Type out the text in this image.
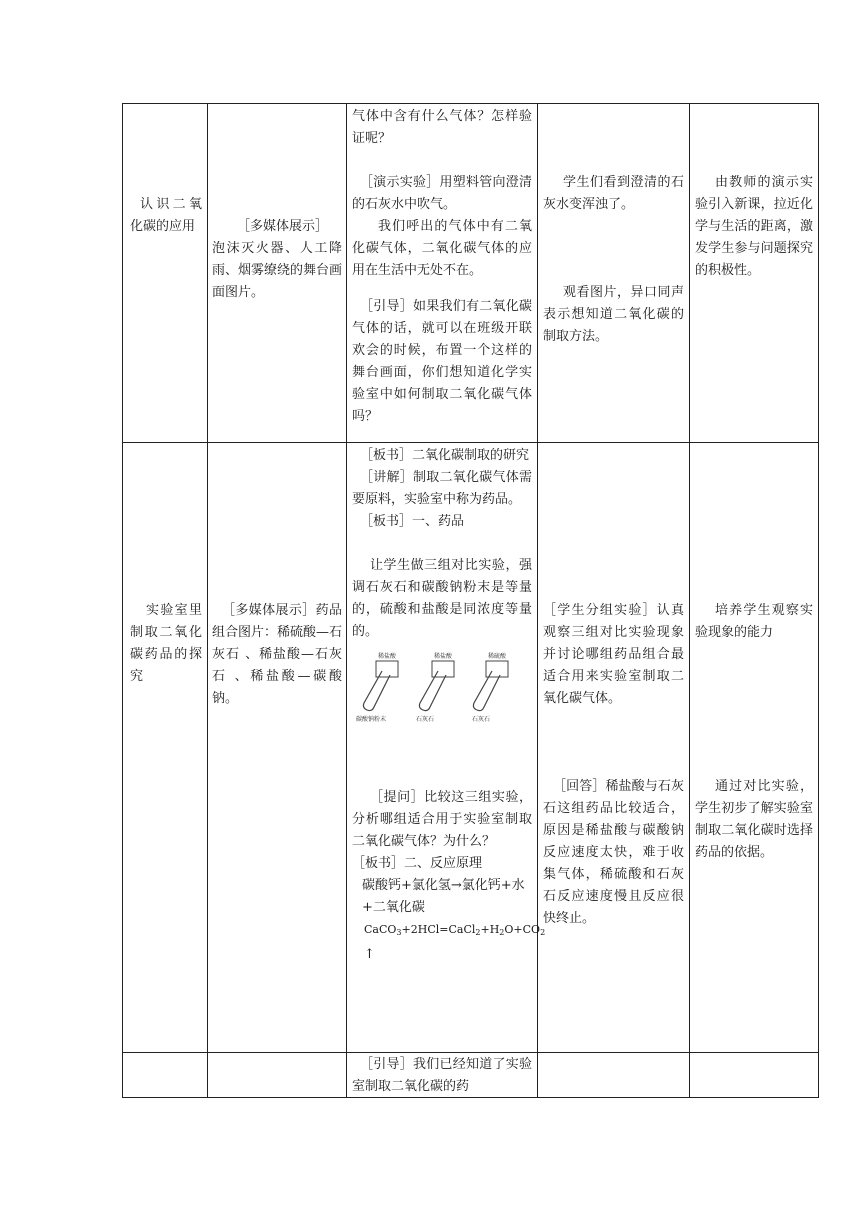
认识二氧化碳的应用	［多媒体展示］

泡沫灭火器、人工降雨、烟雾缭绕的舞台画面图片。

气体中含有什么气体？怎样验证呢？

［演示实验］用塑料管向澄清的石灰水中吹气。

我们呼出的气体中有二氧化碳气体，二氧化碳气体的应用在生活中无处不在。

［引导］如果我们有二氧化碳气体的话，就可以在班级开联欢会的时候，布置一个这样的舞台画面，你们想知道化学实验室中如何制取二氧化碳气体吗？

学生们看到澄清的石灰水变浑浊了。

观看图片，异口同声表示想知道二氧化碳的制取方法。

由教师的演示实验引入新课，拉近化学与生活的距离，激发学生参与问题探究的积极性。

实验室里制取二氧化碳药品的探究

［多媒体展示］药品组合图片：稀硫酸—石灰石 、稀盐酸—石灰石 、稀盐酸—碳酸钠。

［板书］二氧化碳制取的研究

［讲解］制取二氧化碳气体需要原料，实验室中称为药品。

［板书］一、药品

让学生做三组对比实验，强调石灰石和碳酸钠粉末是等量的，硫酸和盐酸是同浓度等量的。

稀盐酸
碳酸钠粉末
稀盐酸
石灰石
稀硫酸
石灰石

［提问］比较这三组实验，分析哪组适合用于实验室制取二氧化碳气体？为什么？

［板书］二、反应原理

碳酸钙+氯化氢→氯化钙+水+二氧化碳

$CaCO_3+2HCl=CaCl_2+H_2O+CO_2$

↑

［学生分组实验］认真观察三组对比实验现象并讨论哪组药品组合最适合用来实验室制取二氧化碳气体。

［回答］稀盐酸与石灰石这组药品比较适合，原因是稀盐酸与碳酸钠反应速度太快，难于收集气体，稀硫酸和石灰石反应速度慢且反应很快终止。

培养学生观察实验现象的能力

通过对比实验，学生初步了解实验室制取二氧化碳时选择药品的依据。

［引导］我们已经知道了实验室制取二氧化碳的药
